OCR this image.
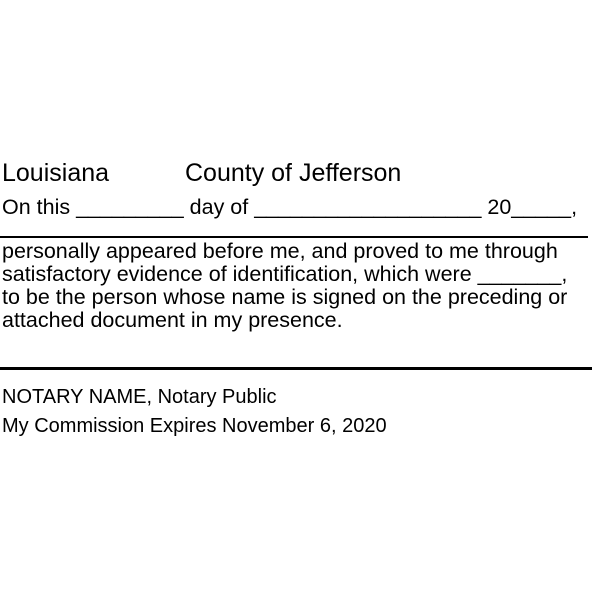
Louisiana	County of Jefferson
On this _________ day of ___________________ 20_____,
personally appeared before me, and proved to me through
satisfactory evidence of identification, which were _______,
to be the person whose name is signed on the preceding or
attached document in my presence.
NOTARY NAME, Notary Public
My Commission Expires November 6, 2020
